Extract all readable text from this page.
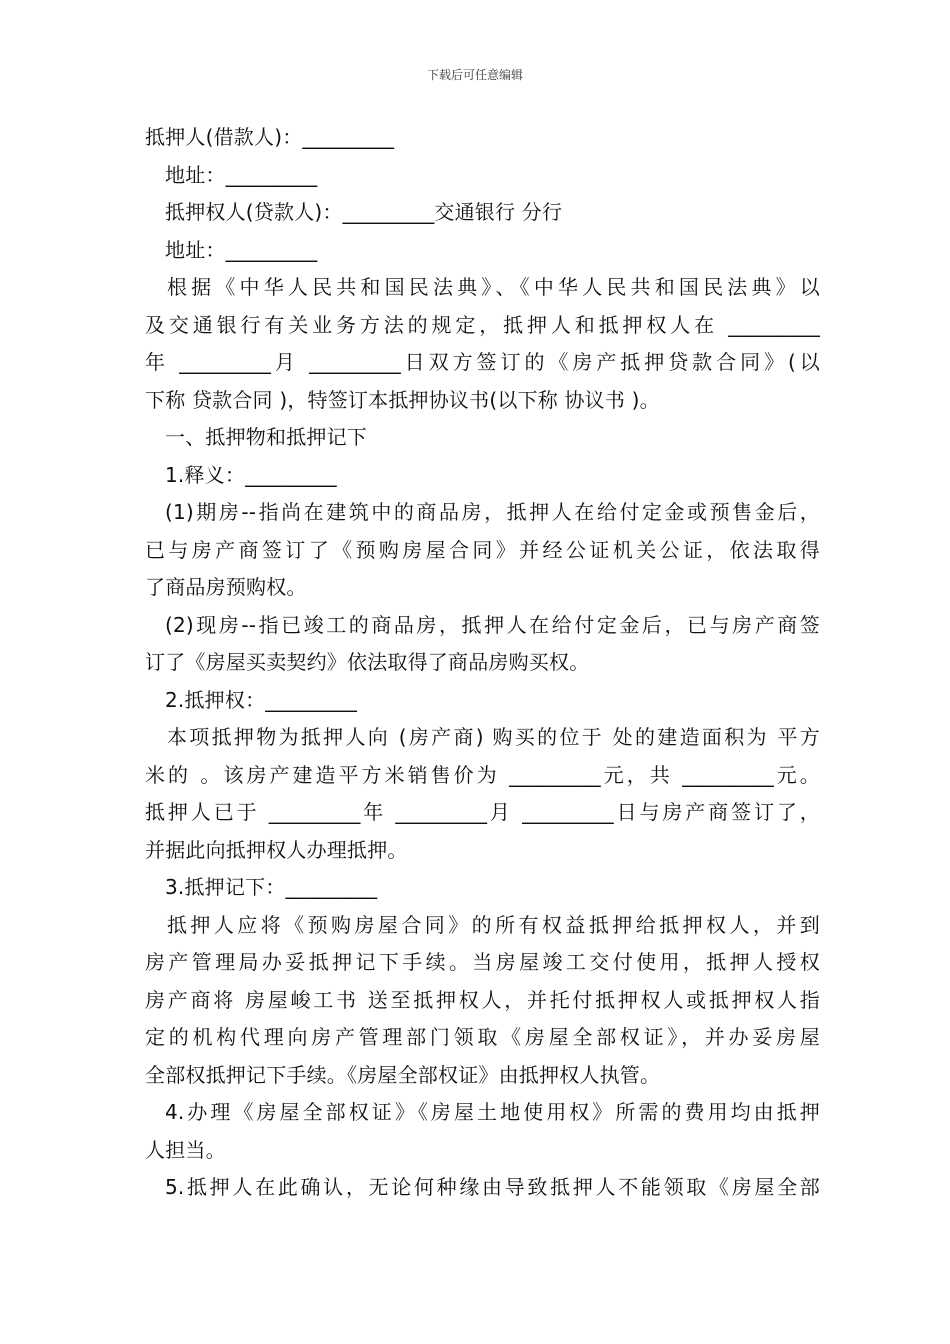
下载后可任意编辑
抵押人(借款人)：_________
地址：_________
抵押权人(贷款人)：_________交通银行 分行
地址：_________
根据《中华人民共和国民法典》、《中华人民共和国民法典》以
及交通银行有关业务方法的规定，抵押人和抵押权人在 _________
年 _________月 _________日双方签订的《房产抵押贷款合同》(以
下称 贷款合同 )，特签订本抵押协议书(以下称 协议书 )。
一、抵押物和抵押记下
1.释义：_________
(1)期房--指尚在建筑中的商品房，抵押人在给付定金或预售金后，
已与房产商签订了《预购房屋合同》并经公证机关公证，依法取得
了商品房预购权。
(2)现房--指已竣工的商品房，抵押人在给付定金后，已与房产商签
订了《房屋买卖契约》依法取得了商品房购买权。
2.抵押权：_________
本项抵押物为抵押人向 (房产商) 购买的位于 处的建造面积为 平方
米的 。该房产建造平方米销售价为 _________元，共 _________元。
抵押人已于 _________年 _________月 _________日与房产商签订了，
并据此向抵押权人办理抵押。
3.抵押记下：_________
抵押人应将《预购房屋合同》的所有权益抵押给抵押权人，并到
房产管理局办妥抵押记下手续。当房屋竣工交付使用，抵押人授权
房产商将 房屋峻工书 送至抵押权人，并托付抵押权人或抵押权人指
定的机构代理向房产管理部门领取《房屋全部权证》，并办妥房屋
全部权抵押记下手续。《房屋全部权证》由抵押权人执管。
4.办理《房屋全部权证》《房屋土地使用权》所需的费用均由抵押
人担当。
5.抵押人在此确认，无论何种缘由导致抵押人不能领取《房屋全部
